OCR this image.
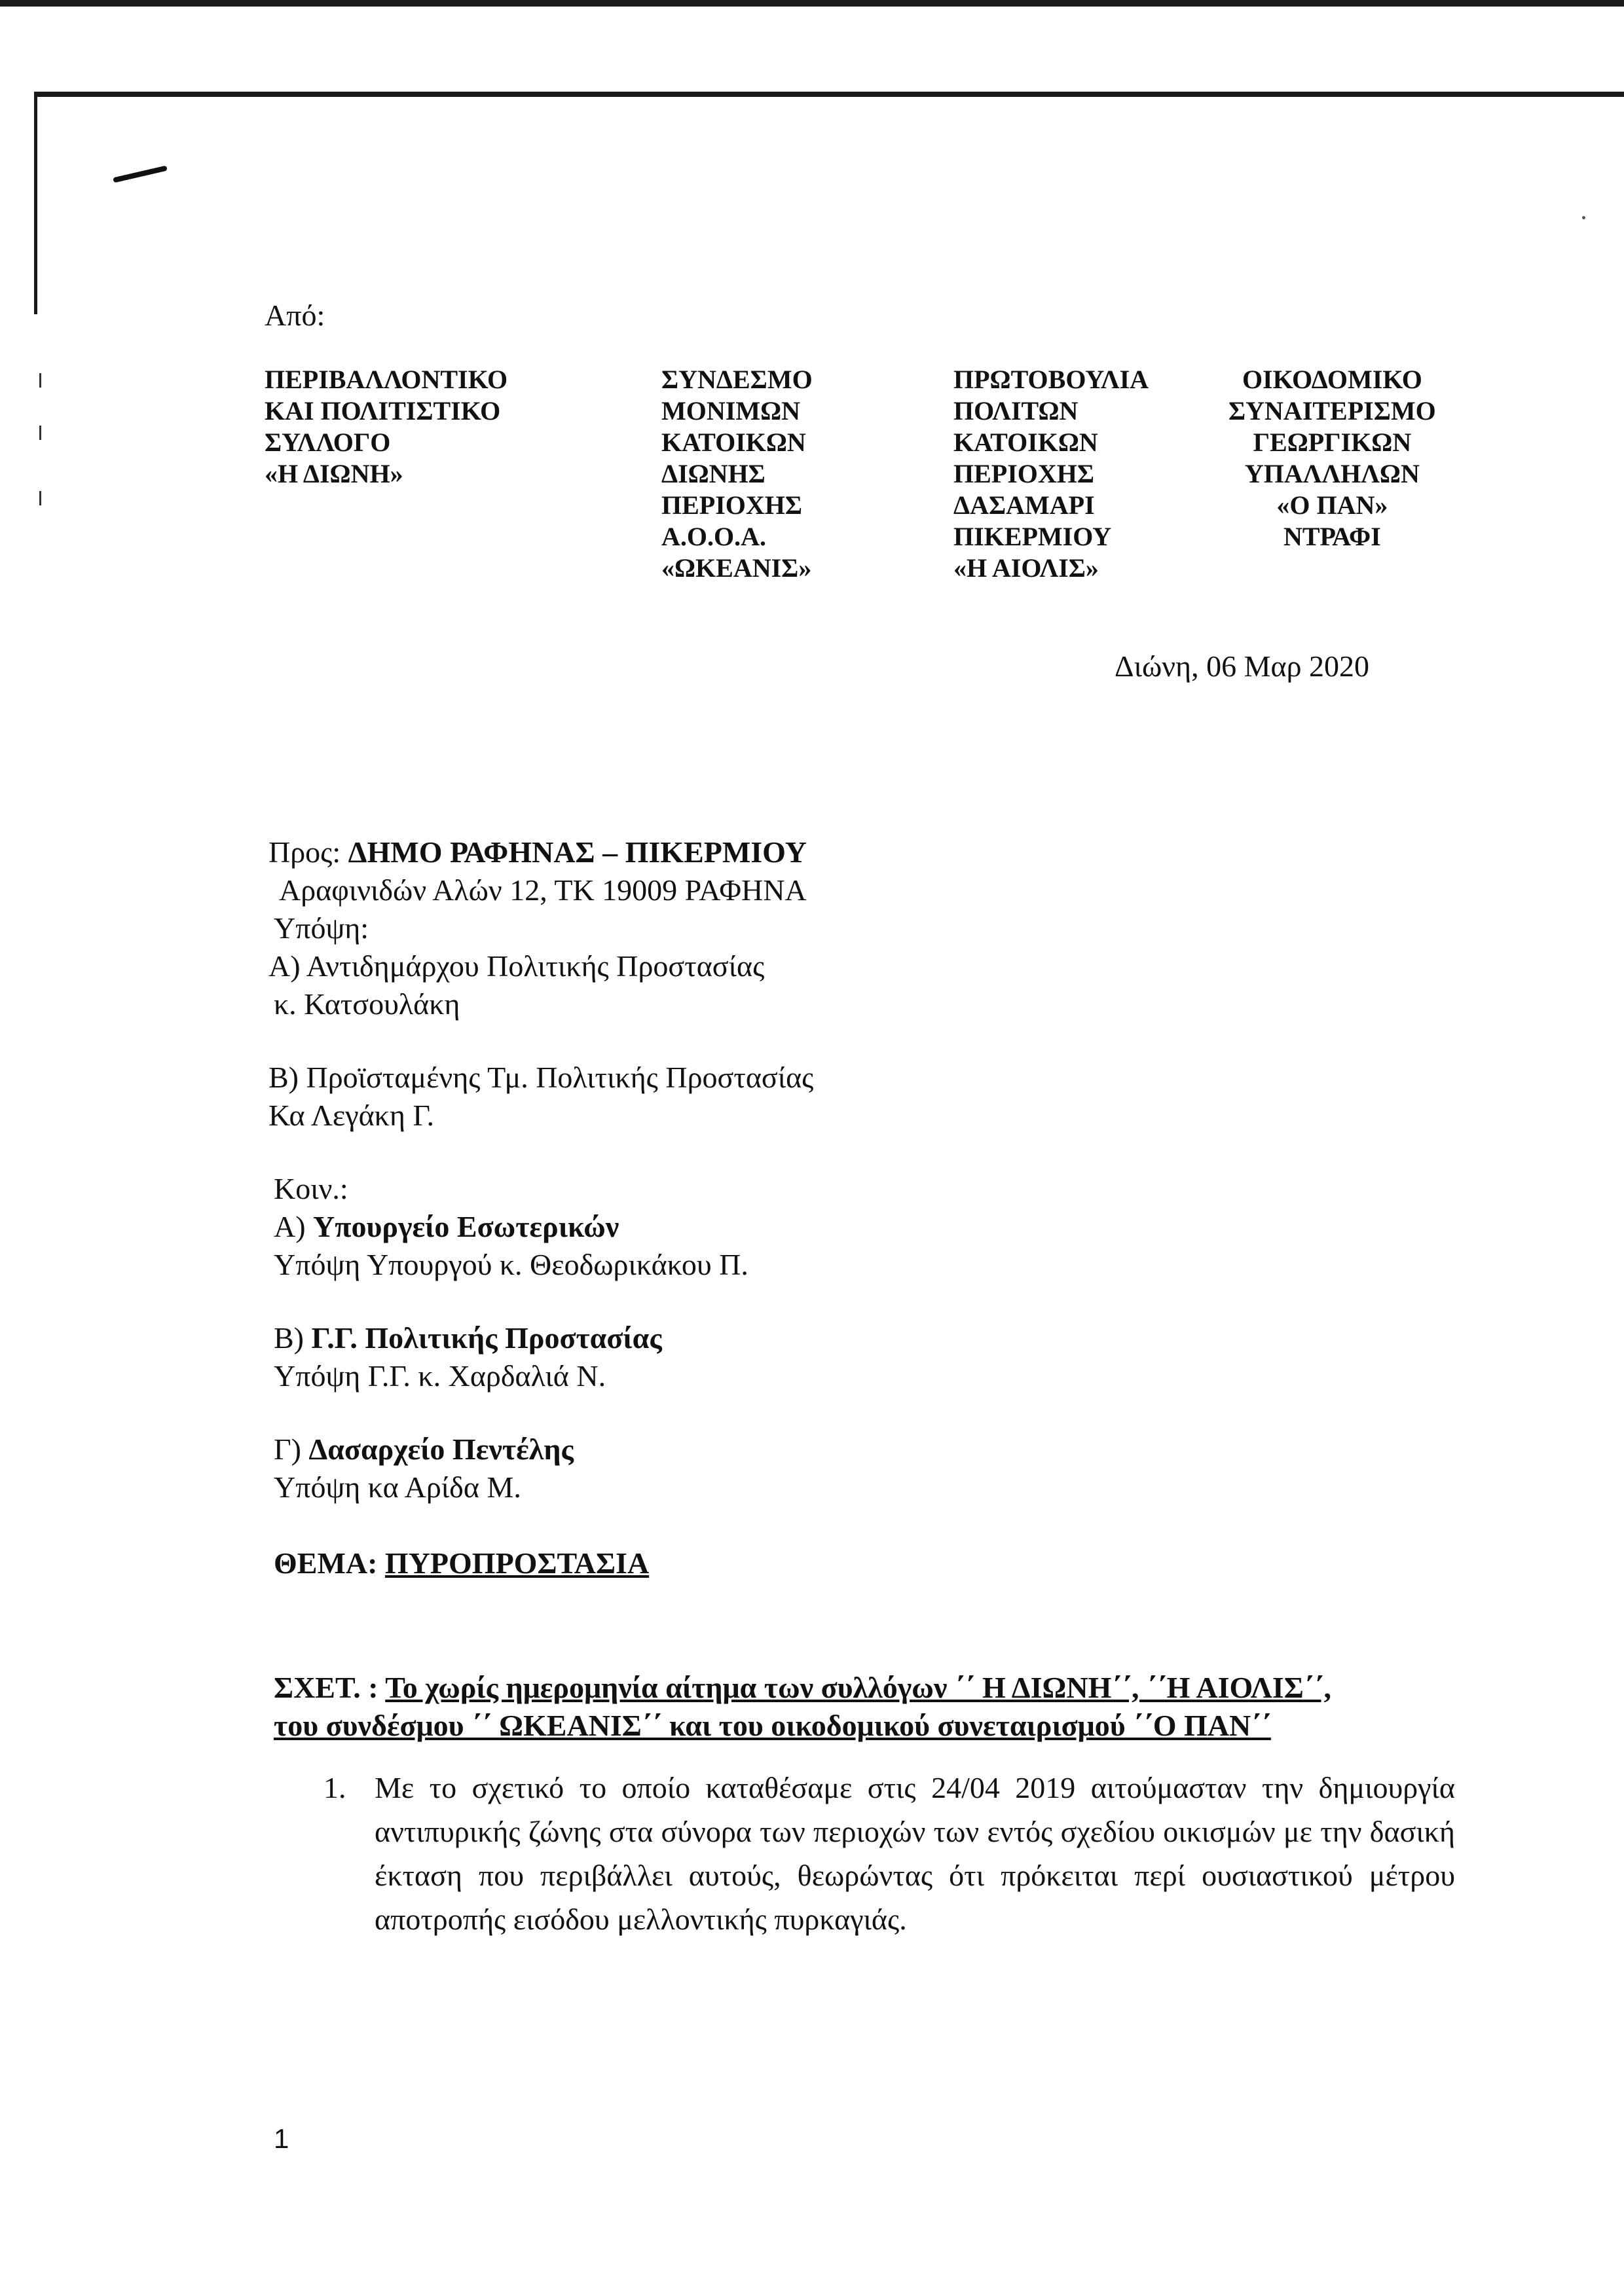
Από:
ΠΕΡΙΒΑΛΛΟΝΤΙΚΟ
ΚΑΙ ΠΟΛΙΤΙΣΤΙΚΟ
ΣΥΛΛΟΓΟ
«Η ΔΙΩΝΗ»
ΣΥΝΔΕΣΜΟ
ΜΟΝΙΜΩΝ
ΚΑΤΟΙΚΩΝ
ΔΙΩΝΗΣ
ΠΕΡΙΟΧΗΣ
Α.Ο.Ο.Α.
«ΩΚΕΑΝΙΣ»
ΠΡΩΤΟΒΟΥΛΙΑ
ΠΟΛΙΤΩΝ
ΚΑΤΟΙΚΩΝ
ΠΕΡΙΟΧΗΣ
ΔΑΣΑΜΑΡΙ
ΠΙΚΕΡΜΙΟΥ
«Η ΑΙΟΛΙΣ»
ΟΙΚΟΔΟΜΙΚΟ
ΣΥΝΑΙΤΕΡΙΣΜΟ
ΓΕΩΡΓΙΚΩΝ
ΥΠΑΛΛΗΛΩΝ
«Ο ΠΑΝ»
ΝΤΡΑΦΙ
Διώνη, 06 Μαρ 2020
Προς: ΔΗΜΟ ΡΑΦΗΝΑΣ – ΠΙΚΕΡΜΙΟΥ
Αραφινιδών Αλών 12, ΤΚ 19009 ΡΑΦΗΝΑ
Υπόψη:
Α) Αντιδημάρχου Πολιτικής Προστασίας
κ. Κατσουλάκη
Β) Προϊσταμένης Τμ. Πολιτικής Προστασίας
Κα Λεγάκη Γ.
Κοιν.:
Α) Υπουργείο Εσωτερικών
Υπόψη Υπουργού κ. Θεοδωρικάκου Π.
Β) Γ.Γ. Πολιτικής Προστασίας
Υπόψη Γ.Γ. κ. Χαρδαλιά Ν.
Γ) Δασαρχείο Πεντέλης
Υπόψη κα Αρίδα Μ.
ΘΕΜΑ: ΠΥΡΟΠΡΟΣΤΑΣΙΑ
ΣΧΕΤ. : Το χωρίς ημερομηνία αίτημα των συλλόγων ΄΄ Η ΔΙΩΝΗ΄΄, ΄΄Η ΑΙΟΛΙΣ΄΄,
του συνδέσμου ΄΄ ΩΚΕΑΝΙΣ΄΄ και του οικοδομικού συνεταιρισμού ΄΄Ο ΠΑΝ΄΄
1. Με το σχετικό το οποίο καταθέσαμε στις 24/04 2019 αιτούμασταν την δημιουργία αντιπυρικής ζώνης στα σύνορα των περιοχών των εντός σχεδίου οικισμών με την δασική έκταση που περιβάλλει αυτούς, θεωρώντας ότι πρόκειται περί ουσιαστικού μέτρου αποτροπής εισόδου μελλοντικής πυρκαγιάς.
1
